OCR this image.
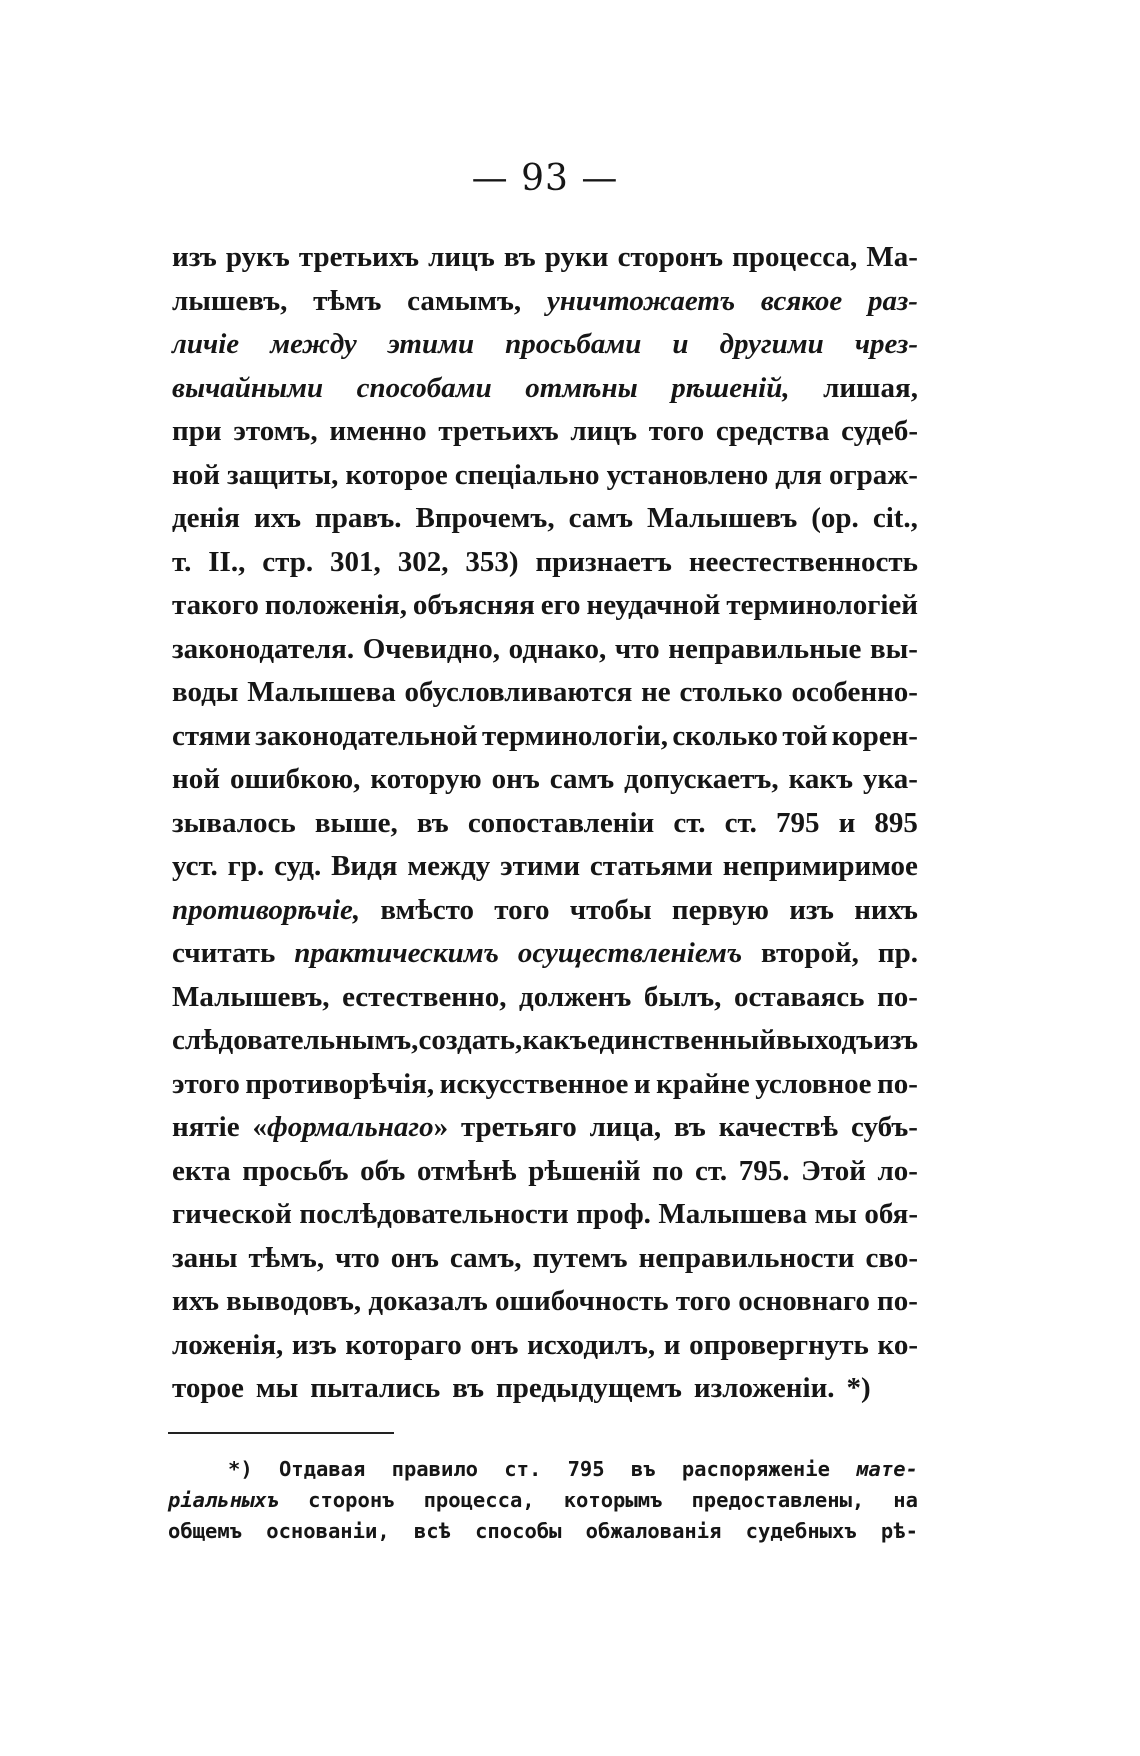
— 93 —
изъ рукъ третьихъ лицъ въ руки сторонъ процесса, Ма-
лышевъ, тѣмъ самымъ, уничтожаетъ всякое раз-
личіе между этими просьбами и другими чрез-
вычайными способами отмѣны рѣшеній, лишая,
при этомъ, именно третьихъ лицъ того средства судеб-
ной защиты, которое спеціально установлено для ограж-
денія ихъ правъ. Впрочемъ, самъ Малышевъ (ор. cit.,
т. II., стр. 301, 302, 353) признаетъ неестественность
такого положенія, объясняя его неудачной терминологіей
законодателя. Очевидно, однако, что неправильные вы-
воды Малышева обусловливаются не столько особенно-
стями законодательной терминологіи, сколько той корен-
ной ошибкою, которую онъ самъ допускаетъ, какъ ука-
зывалось выше, въ сопоставленіи ст. ст. 795 и 895
уст. гр. суд. Видя между этими статьями непримиримое
противорѣчіе, вмѣсто того чтобы первую изъ нихъ
считать практическимъ осуществленіемъ второй, пр.
Малышевъ, естественно, долженъ былъ, оставаясь по-
слѣдовательнымъ, создать, какъ единственный выходъ изъ
этого противорѣчія, искусственное и крайне условное по-
нятіе «формальнаго» третьяго лица, въ качествѣ субъ-
екта просьбъ объ отмѣнѣ рѣшеній по ст. 795. Этой ло-
гической послѣдовательности проф. Малышева мы обя-
заны тѣмъ, что онъ самъ, путемъ неправильности сво-
ихъ выводовъ, доказалъ ошибочность того основнаго по-
ложенія, изъ котораго онъ исходилъ, и опровергнуть ко-
торое мы пытались въ предыдущемъ изложеніи. *)
*) Отдавая правило ст. 795 въ распоряженіе мате-
ріальныхъ сторонъ процесса, которымъ предоставлены, на
общемъ основаніи, всѣ способы обжалованія судебныхъ рѣ-
